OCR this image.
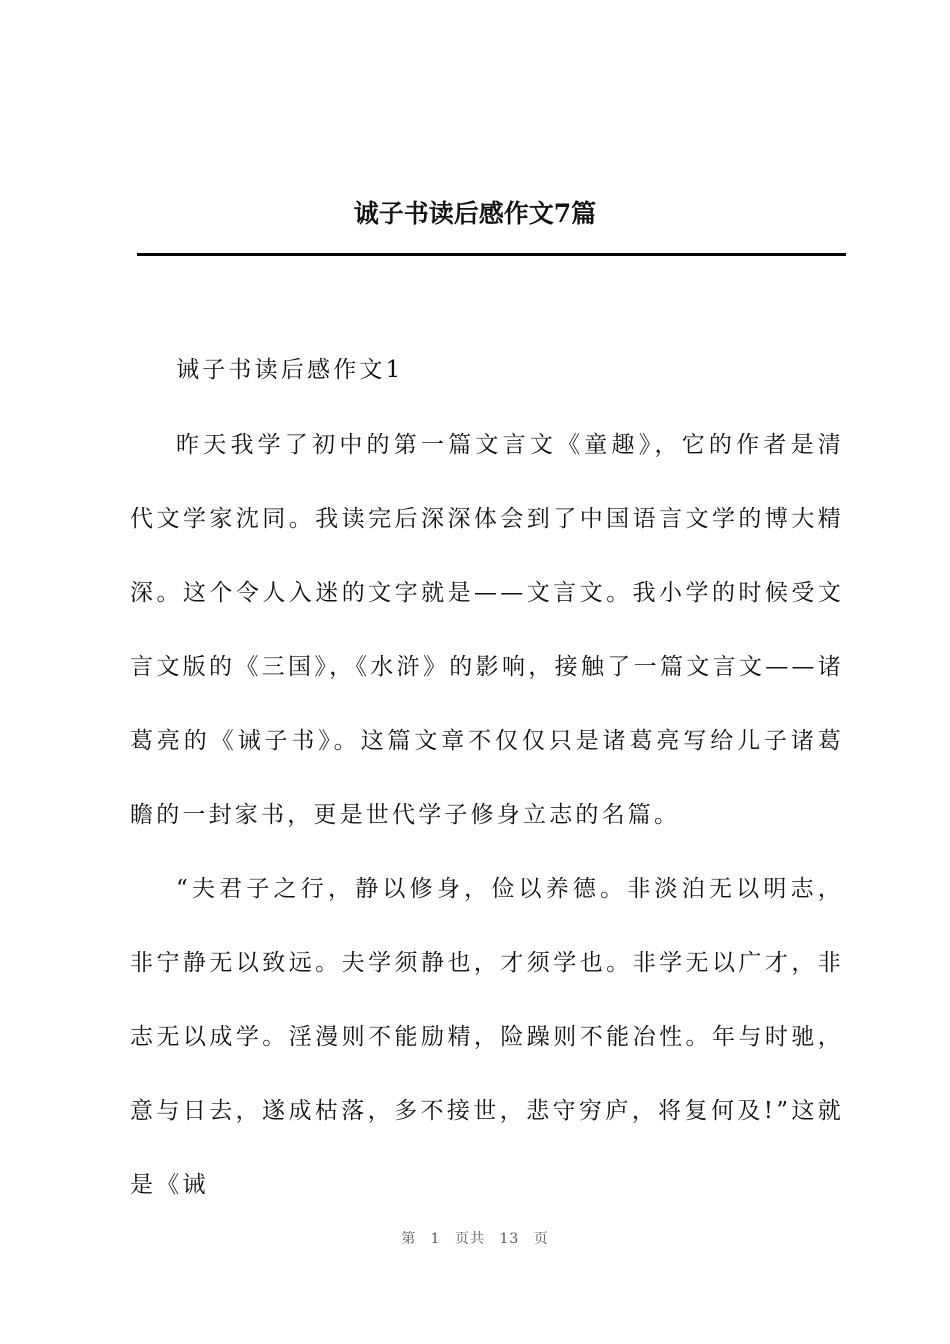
诚子书读后感作文7篇

诫子书读后感作文1

昨天我学了初中的第一篇文言文《童趣》，它的作者是清代文学家沈同。我读完后深深体会到了中国语言文学的博大精深。这个令人入迷的文字就是——文言文。我小学的时候受文言文版的《三国》，《水浒》的影响，接触了一篇文言文——诸葛亮的《诫子书》。这篇文章不仅仅只是诸葛亮写给儿子诸葛瞻的一封家书，更是世代学子修身立志的名篇。

“夫君子之行，静以修身，俭以养德。非淡泊无以明志，非宁静无以致远。夫学须静也，才须学也。非学无以广才，非志无以成学。淫漫则不能励精，险躁则不能冶性。年与时驰，意与日去，遂成枯落，多不接世，悲守穷庐，将复何及!”这就是《诫

第 1 页共 13 页
